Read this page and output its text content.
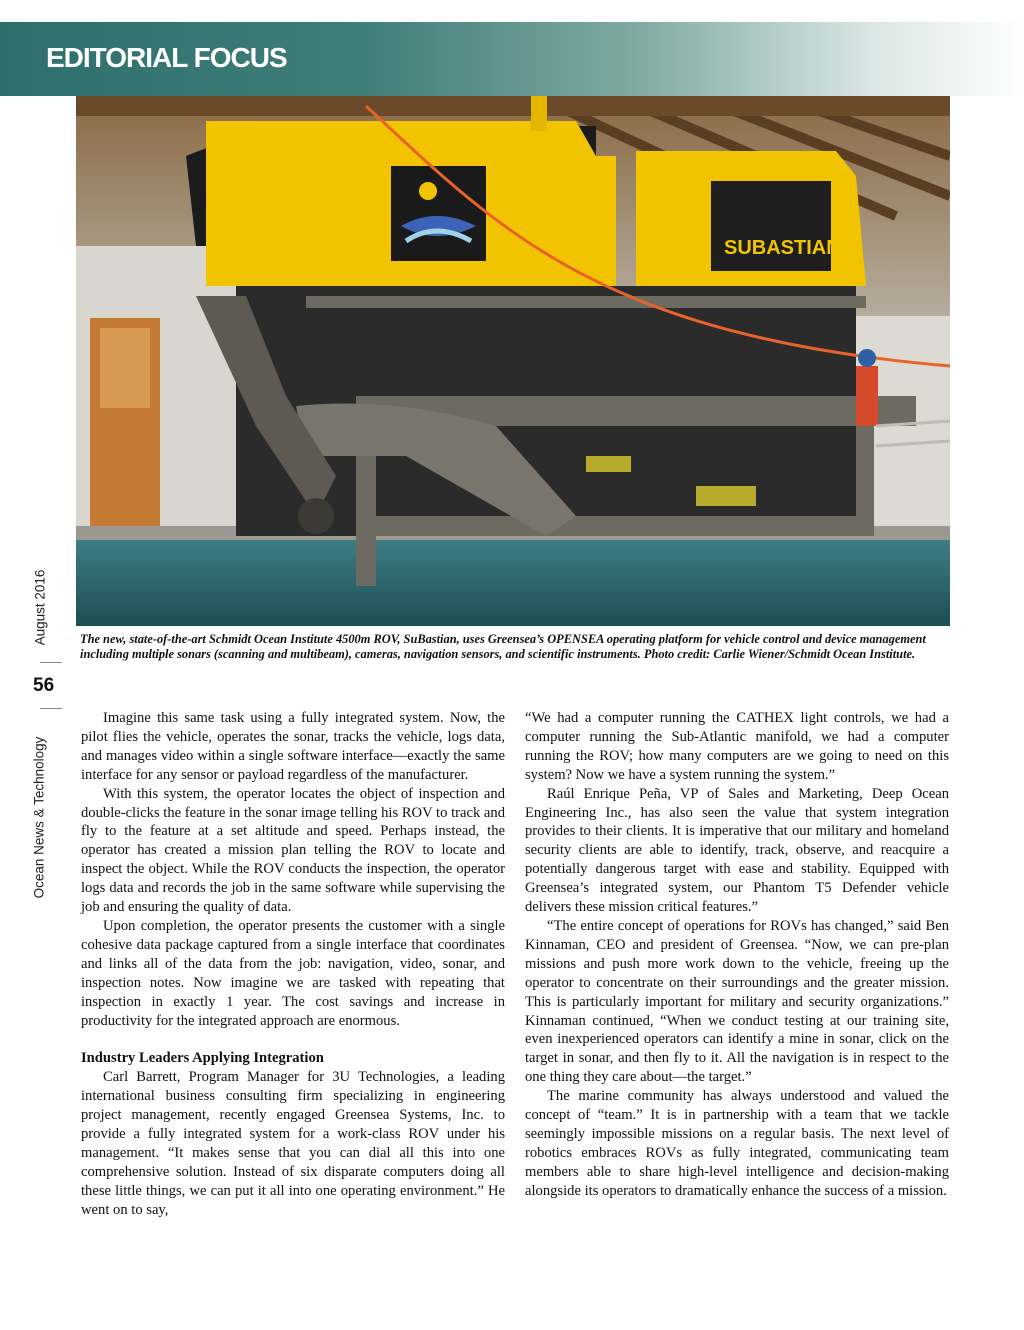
EDITORIAL FOCUS
SUBASTIAN
The new, state-of-the-art Schmidt Ocean Institute 4500m ROV, SuBastian, uses Greensea’s OPENSEA operating platform for vehicle control and device management including multiple sonars (scanning and multibeam), cameras, navigation sensors, and scientific instruments. Photo credit: Carlie Wiener/Schmidt Ocean Institute.
August 2016
56
Ocean News & Technology

Imagine this same task using a fully integrated system. Now, the pilot flies the vehicle, operates the sonar, tracks the vehicle, logs data, and manages video within a single software interface—exactly the same interface for any sensor or payload regardless of the manufacturer.

With this system, the operator locates the object of inspection and double-clicks the feature in the sonar image telling his ROV to track and fly to the feature at a set altitude and speed. Perhaps instead, the operator has created a mission plan telling the ROV to locate and inspect the object. While the ROV conducts the inspection, the operator logs data and records the job in the same software while supervising the job and ensuring the quality of data.

Upon completion, the operator presents the customer with a single cohesive data package captured from a single interface that coordinates and links all of the data from the job: navigation, video, sonar, and inspection notes. Now imagine we are tasked with repeating that inspection in exactly 1 year. The cost savings and increase in productivity for the integrated approach are enormous.

Industry Leaders Applying Integration

Carl Barrett, Program Manager for 3U Technologies, a leading international business consulting firm specializing in engineering project management, recently engaged Greensea Systems, Inc. to provide a fully integrated system for a work-class ROV under his management. “It makes sense that you can dial all this into one comprehensive solution. Instead of six disparate computers doing all these little things, we can put it all into one operating environment.” He went on to say,

“We had a computer running the CATHEX light controls, we had a computer running the Sub-Atlantic manifold, we had a computer running the ROV; how many computers are we going to need on this system? Now we have a system running the system.”

Raúl Enrique Peña, VP of Sales and Marketing, Deep Ocean Engineering Inc., has also seen the value that system integration provides to their clients. It is imperative that our military and homeland security clients are able to identify, track, observe, and reacquire a potentially dangerous target with ease and stability. Equipped with Greensea’s integrated system, our Phantom T5 Defender vehicle delivers these mission critical features.”

“The entire concept of operations for ROVs has changed,” said Ben Kinnaman, CEO and president of Greensea. “Now, we can pre-plan missions and push more work down to the vehicle, freeing up the operator to concentrate on their surroundings and the greater mission. This is particularly important for military and security organizations.” Kinnaman continued, “When we conduct testing at our training site, even inexperienced operators can identify a mine in sonar, click on the target in sonar, and then fly to it. All the navigation is in respect to the one thing they care about—the target.”

The marine community has always understood and valued the concept of “team.” It is in partnership with a team that we tackle seemingly impossible missions on a regular basis. The next level of robotics embraces ROVs as fully integrated, communicating team members able to share high-level intelligence and decision-making alongside its operators to dramatically enhance the success of a mission.
